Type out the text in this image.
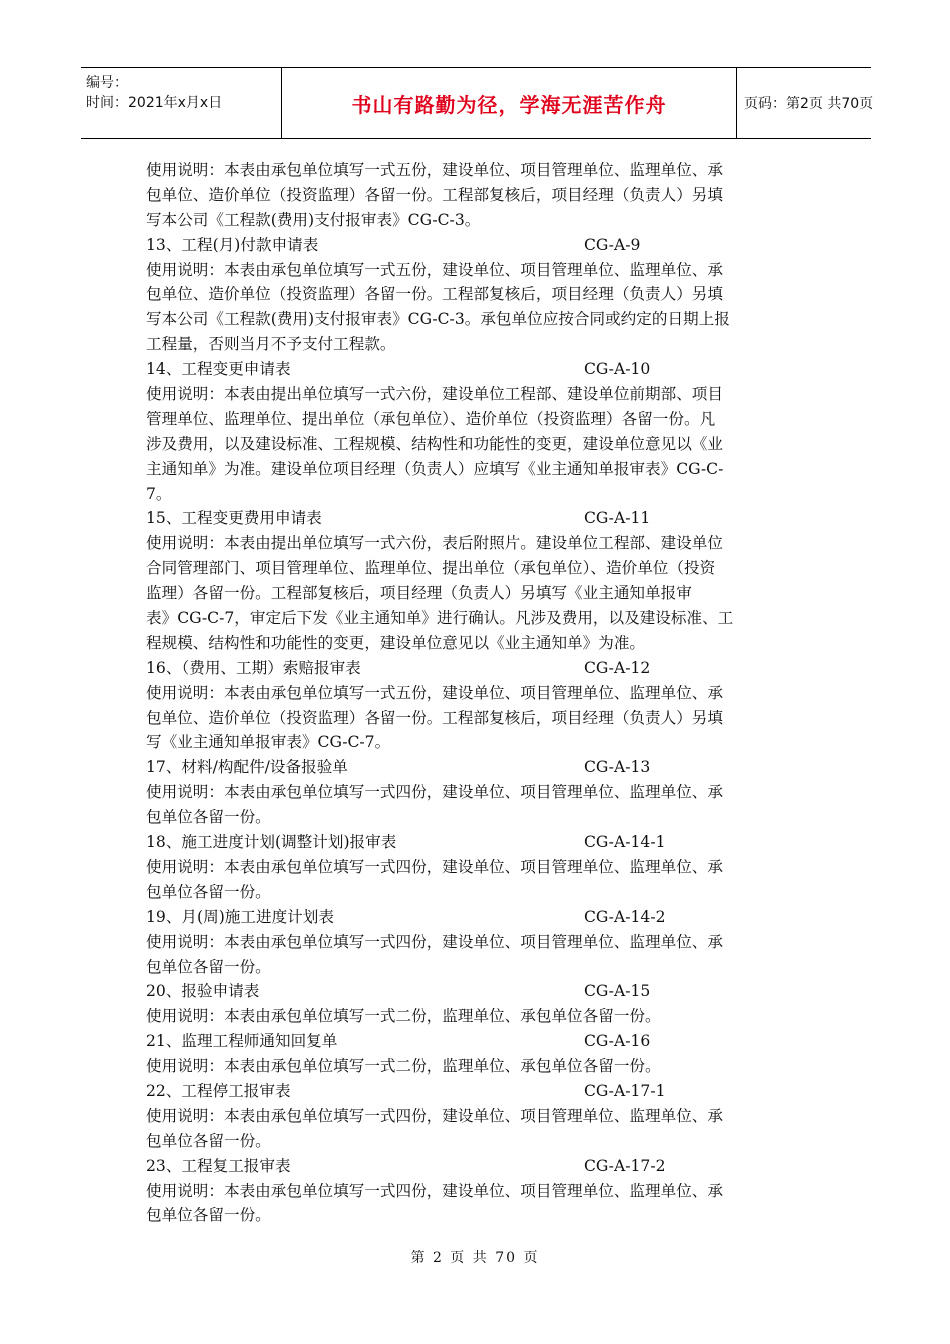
编号：
时间：2021年x月x日	书山有路勤为径，学海无涯苦作舟	页码：第2页 共70页
使用说明：本表由承包单位填写一式五份，建设单位、项目管理单位、监理单位、承
包单位、造价单位（投资监理）各留一份。工程部复核后，项目经理（负责人）另填
写本公司《工程款(费用)支付报审表》CG-C-3。
13、工程(月)付款申请表	CG-A-9
使用说明：本表由承包单位填写一式五份，建设单位、项目管理单位、监理单位、承
包单位、造价单位（投资监理）各留一份。工程部复核后，项目经理（负责人）另填
写本公司《工程款(费用)支付报审表》CG-C-3。承包单位应按合同或约定的日期上报
工程量，否则当月不予支付工程款。
14、工程变更申请表	CG-A-10
使用说明：本表由提出单位填写一式六份，建设单位工程部、建设单位前期部、项目
管理单位、监理单位、提出单位（承包单位）、造价单位（投资监理）各留一份。凡
涉及费用，以及建设标准、工程规模、结构性和功能性的变更，建设单位意见以《业
主通知单》为准。建设单位项目经理（负责人）应填写《业主通知单报审表》CG-C-
7。
15、工程变更费用申请表	CG-A-11
使用说明：本表由提出单位填写一式六份，表后附照片。建设单位工程部、建设单位
合同管理部门、项目管理单位、监理单位、提出单位（承包单位）、造价单位（投资
监理）各留一份。工程部复核后，项目经理（负责人）另填写《业主通知单报审
表》CG-C-7，审定后下发《业主通知单》进行确认。凡涉及费用，以及建设标准、工
程规模、结构性和功能性的变更，建设单位意见以《业主通知单》为准。
16、（费用、工期）索赔报审表	CG-A-12
使用说明：本表由承包单位填写一式五份，建设单位、项目管理单位、监理单位、承
包单位、造价单位（投资监理）各留一份。工程部复核后，项目经理（负责人）另填
写《业主通知单报审表》CG-C-7。
17、材料/构配件/设备报验单	CG-A-13
使用说明：本表由承包单位填写一式四份，建设单位、项目管理单位、监理单位、承
包单位各留一份。
18、施工进度计划(调整计划)报审表	CG-A-14-1
使用说明：本表由承包单位填写一式四份，建设单位、项目管理单位、监理单位、承
包单位各留一份。
19、月(周)施工进度计划表	CG-A-14-2
使用说明：本表由承包单位填写一式四份，建设单位、项目管理单位、监理单位、承
包单位各留一份。
20、报验申请表	CG-A-15
使用说明：本表由承包单位填写一式二份，监理单位、承包单位各留一份。
21、监理工程师通知回复单	CG-A-16
使用说明：本表由承包单位填写一式二份，监理单位、承包单位各留一份。
22、工程停工报审表	CG-A-17-1
使用说明：本表由承包单位填写一式四份，建设单位、项目管理单位、监理单位、承
包单位各留一份。
23、工程复工报审表	CG-A-17-2
使用说明：本表由承包单位填写一式四份，建设单位、项目管理单位、监理单位、承
包单位各留一份。
第 2 页 共 70 页
